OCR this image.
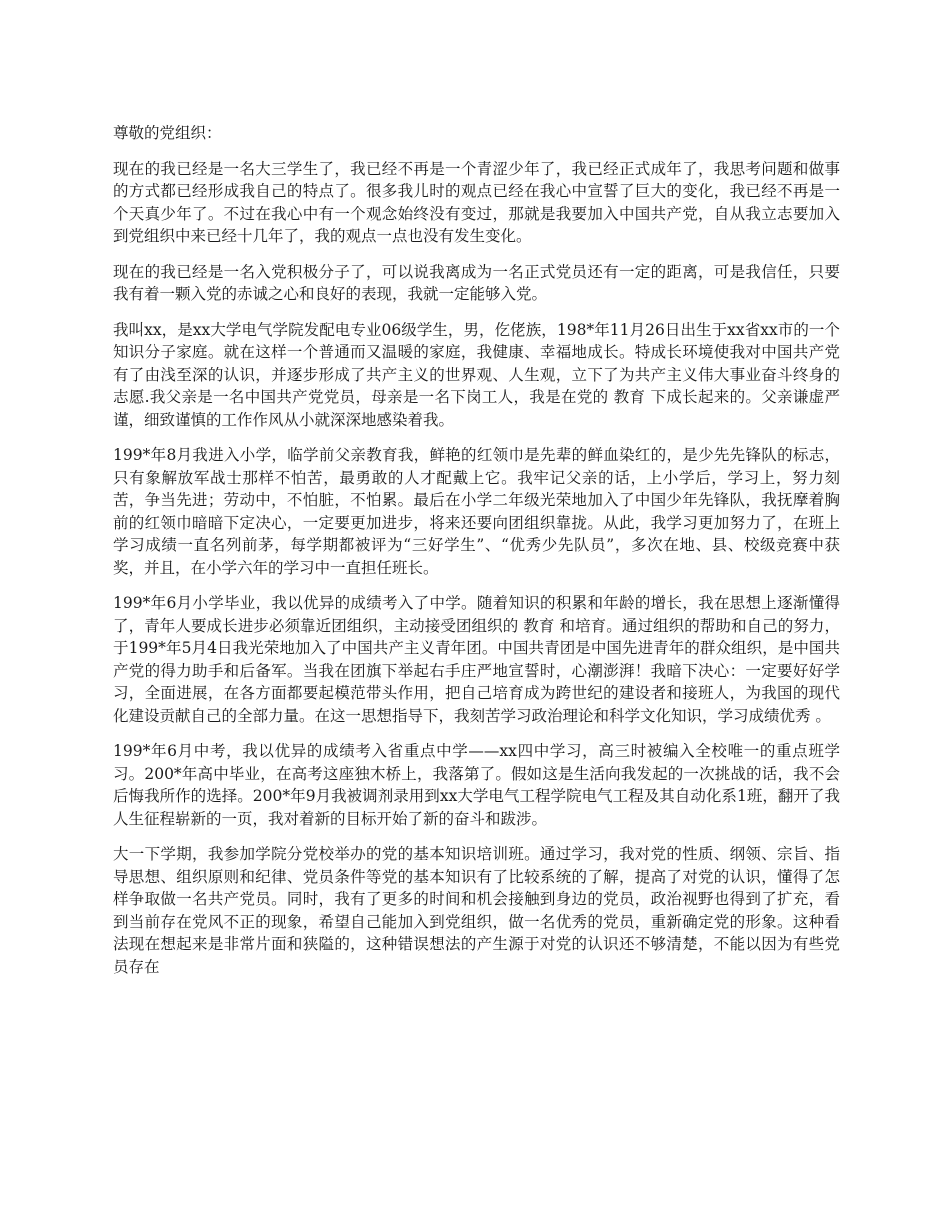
尊敬的党组织：

现在的我已经是一名大三学生了，我已经不再是一个青涩少年了，我已经正式成年了，我思考问题和做事的方式都已经形成我自己的特点了。很多我儿时的观点已经在我心中宣誓了巨大的变化，我已经不再是一个天真少年了。不过在我心中有一个观念始终没有变过，那就是我要加入中国共产党，自从我立志要加入到党组织中来已经十几年了，我的观点一点也没有发生变化。

现在的我已经是一名入党积极分子了，可以说我离成为一名正式党员还有一定的距离，可是我信任，只要我有着一颗入党的赤诚之心和良好的表现，我就一定能够入党。

我叫xx，是xx大学电气学院发配电专业06级学生，男，仡佬族，198*年11月26日出生于xx省xx市的一个知识分子家庭。就在这样一个普通而又温暖的家庭，我健康、幸福地成长。特成长环境使我对中国共产党有了由浅至深的认识，并逐步形成了共产主义的世界观、人生观，立下了为共产主义伟大事业奋斗终身的志愿.我父亲是一名中国共产党党员，母亲是一名下岗工人，我是在党的 教育 下成长起来的。父亲谦虚严谨，细致谨慎的工作作风从小就深深地感染着我。

199*年8月我进入小学，临学前父亲教育我，鲜艳的红领巾是先辈的鲜血染红的，是少先先锋队的标志，只有象解放军战士那样不怕苦，最勇敢的人才配戴上它。我牢记父亲的话，上小学后，学习上，努力刻苦，争当先进；劳动中，不怕脏，不怕累。最后在小学二年级光荣地加入了中国少年先锋队，我抚摩着胸前的红领巾暗暗下定决心，一定要更加进步，将来还要向团组织靠拢。从此，我学习更加努力了，在班上学习成绩一直名列前茅，每学期都被评为“三好学生”、“优秀少先队员”，多次在地、县、校级竞赛中获奖，并且，在小学六年的学习中一直担任班长。

199*年6月小学毕业，我以优异的成绩考入了中学。随着知识的积累和年龄的增长，我在思想上逐渐懂得了，青年人要成长进步必须靠近团组织，主动接受团组织的 教育 和培育。通过组织的帮助和自己的努力，于199*年5月4日我光荣地加入了中国共产主义青年团。中国共青团是中国先进青年的群众组织，是中国共产党的得力助手和后备军。当我在团旗下举起右手庄严地宣誓时，心潮澎湃！我暗下决心：一定要好好学习，全面进展，在各方面都要起模范带头作用，把自己培育成为跨世纪的建设者和接班人，为我国的现代化建设贡献自己的全部力量。在这一思想指导下，我刻苦学习政治理论和科学文化知识，学习成绩优秀 。

199*年6月中考，我以优异的成绩考入省重点中学——xx四中学习，高三时被编入全校唯一的重点班学习。200*年高中毕业，在高考这座独木桥上，我落第了。假如这是生活向我发起的一次挑战的话，我不会后悔我所作的选择。200*年9月我被调剂录用到xx大学电气工程学院电气工程及其自动化系1班，翻开了我人生征程崭新的一页，我对着新的目标开始了新的奋斗和跋涉。

大一下学期，我参加学院分党校举办的党的基本知识培训班。通过学习，我对党的性质、纲领、宗旨、指导思想、组织原则和纪律、党员条件等党的基本知识有了比较系统的了解，提高了对党的认识，懂得了怎样争取做一名共产党员。同时，我有了更多的时间和机会接触到身边的党员，政治视野也得到了扩充，看到当前存在党风不正的现象，希望自己能加入到党组织，做一名优秀的党员，重新确定党的形象。这种看法现在想起来是非常片面和狭隘的，这种错误想法的产生源于对党的认识还不够清楚，不能以因为有些党员存在
